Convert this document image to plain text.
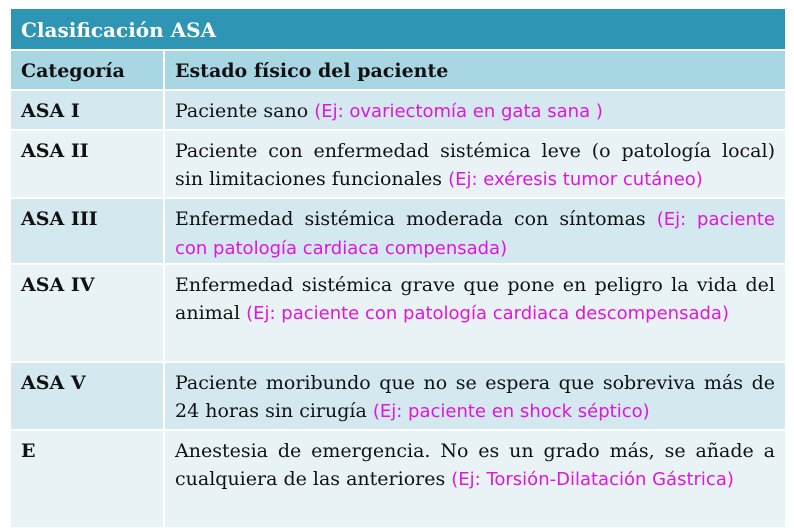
Clasificación ASA
Categoría	Estado físico del paciente
ASA I	Paciente sano (Ej: ovariectomía en gata sana )
ASA II	Paciente con enfermedad sistémica leve (o patología local) sin limitaciones funcionales (Ej: exéresis tumor cutáneo)
ASA III	Enfermedad sistémica moderada con síntomas (Ej: paciente con patología cardiaca compensada)
ASA IV	Enfermedad sistémica grave que pone en peligro la vida del animal (Ej: paciente con patología cardiaca descompensada)
ASA V	Paciente moribundo que no se espera que sobreviva más de 24 horas sin cirugía (Ej: paciente en shock séptico)
E	Anestesia de emergencia. No es un grado más, se añade a cualquiera de las anteriores (Ej: Torsión-Dilatación Gástrica)
